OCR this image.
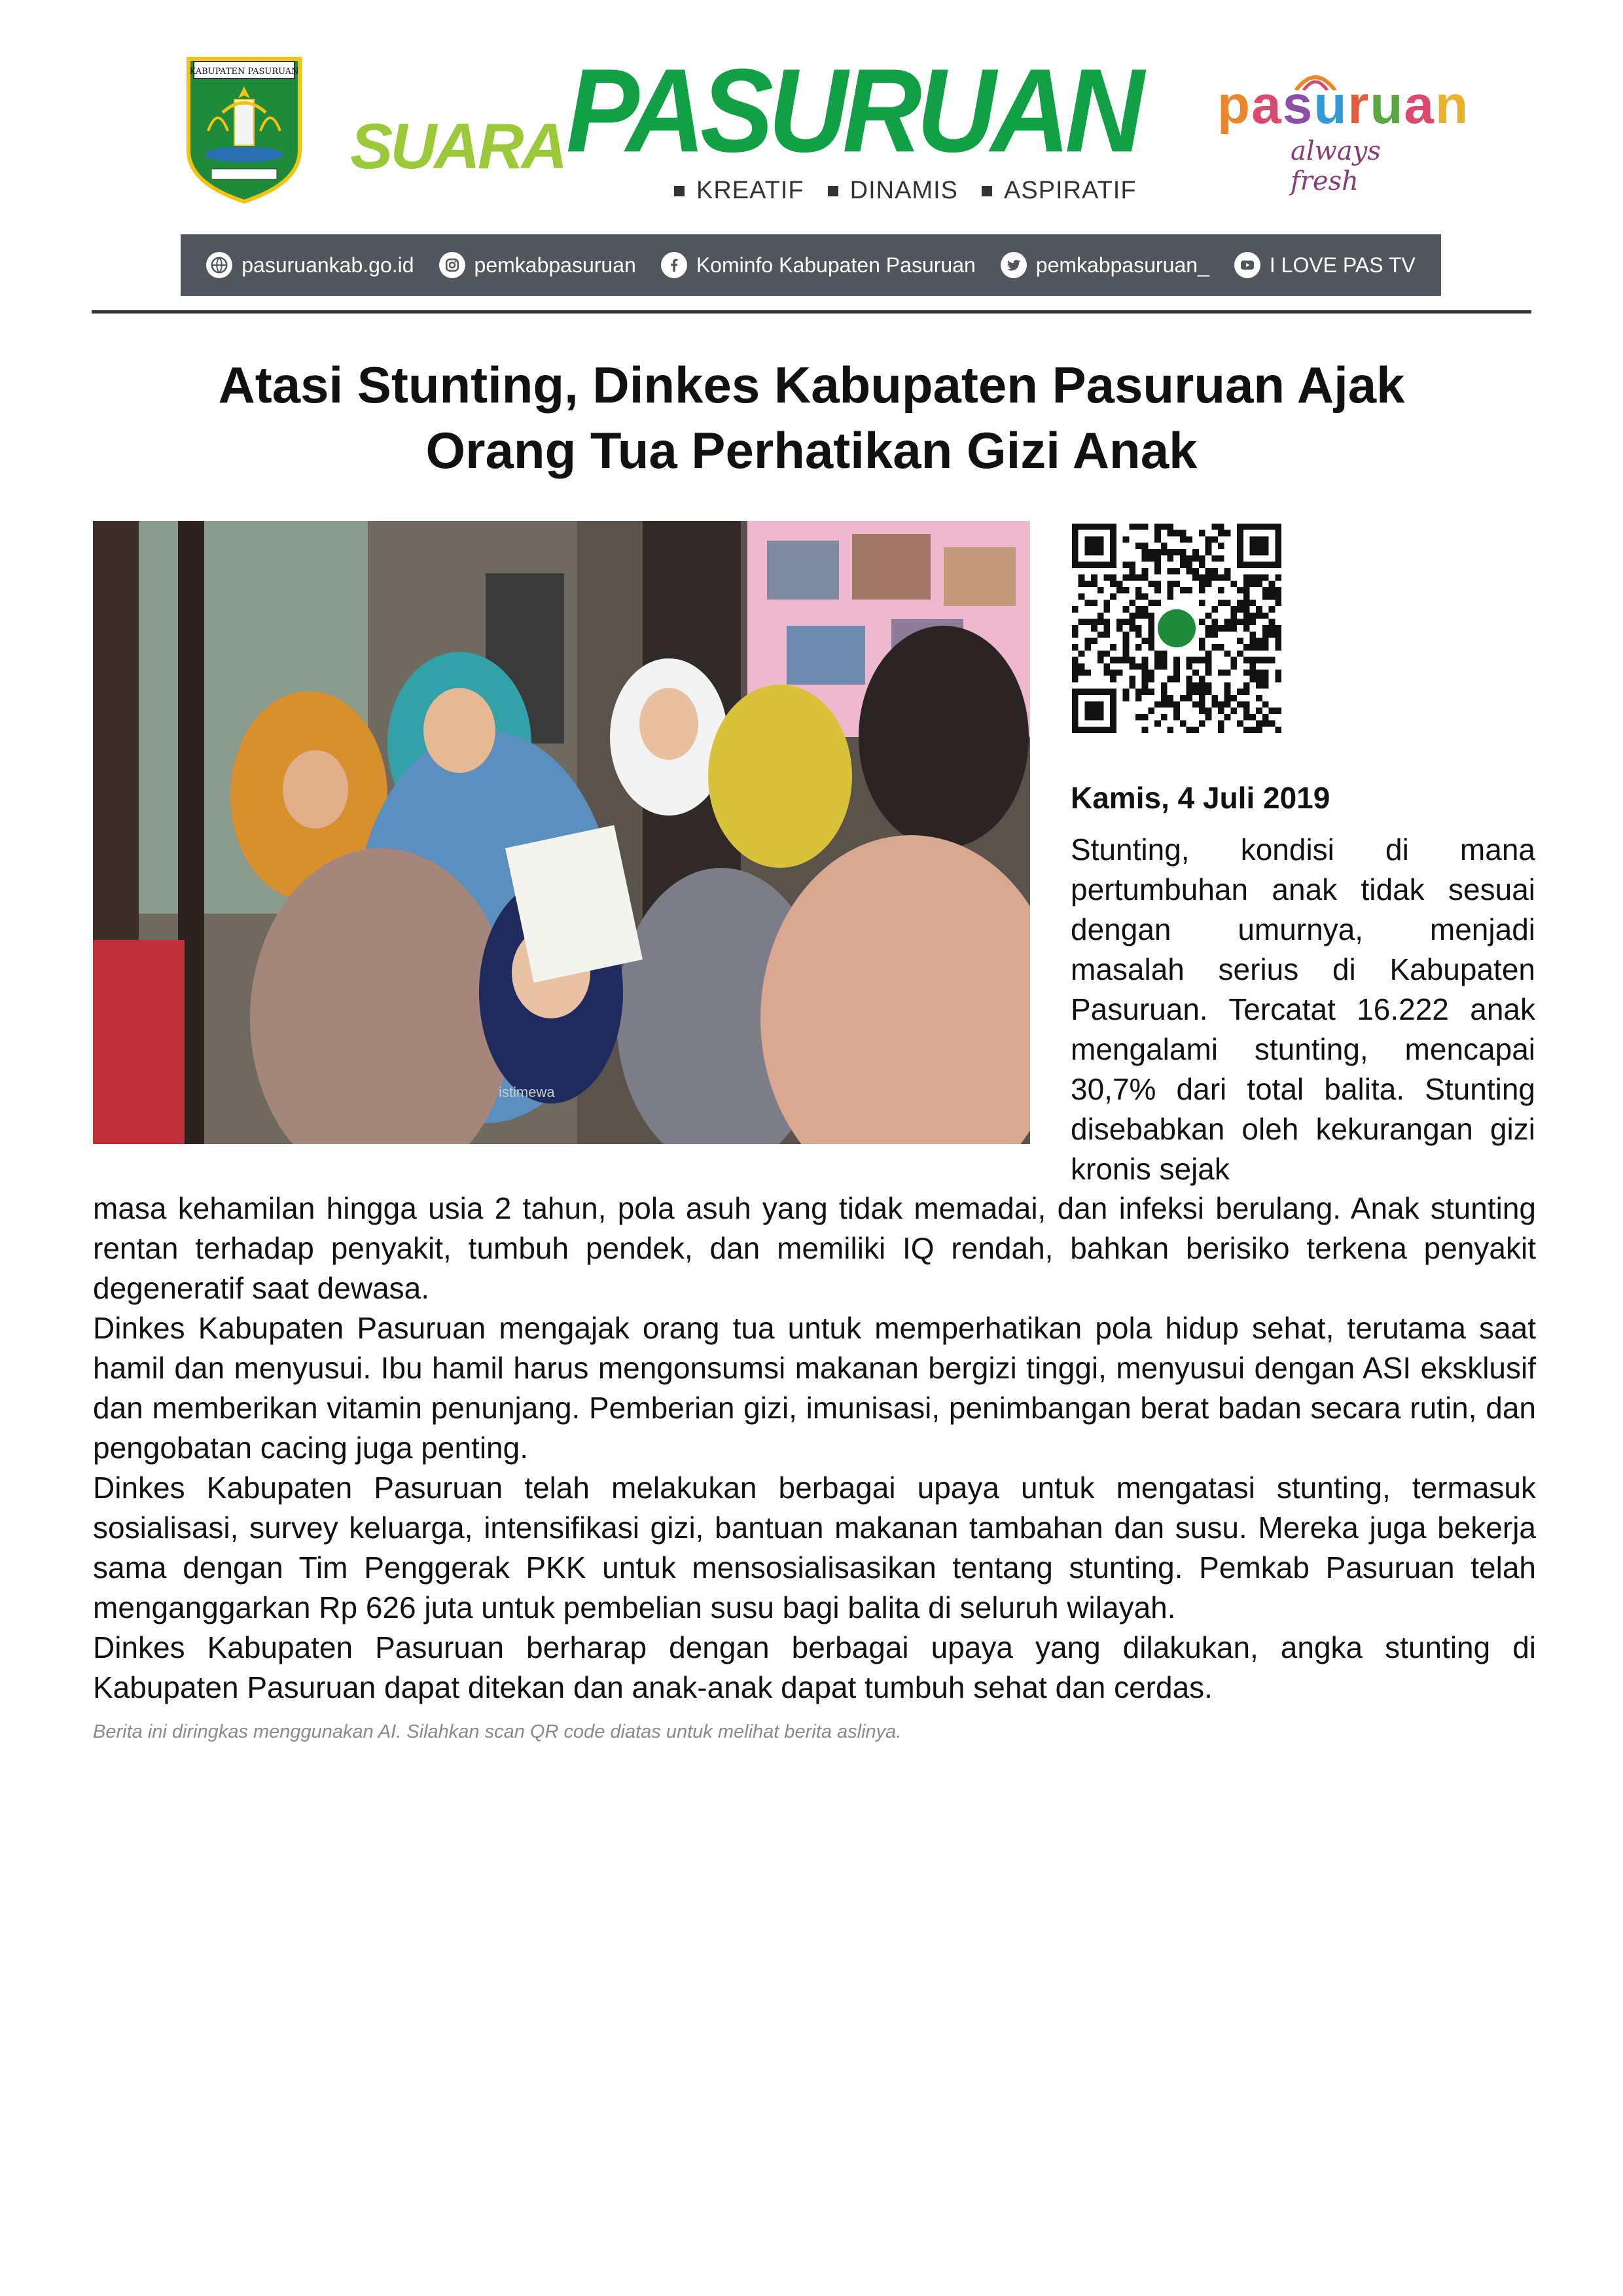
KABUPATEN PASURUAN
SUARA PASURUAN
KREATIF	DINAMIS	ASPIRATIF
pasuruan
always fresh
pasuruankab.go.id	pemkabpasuruan	Kominfo Kabupaten Pasuruan	pemkabpasuruan_	I LOVE PAS TV
Atasi Stunting, Dinkes Kabupaten Pasuruan Ajak
Orang Tua Perhatikan Gizi Anak
istimewa
Kamis, 4 Juli 2019
Stunting, kondisi di mana pertumbuhan anak tidak sesuai dengan umurnya, menjadi masalah serius di Kabupaten Pasuruan. Tercatat 16.222 anak mengalami stunting, mencapai 30,7% dari total balita. Stunting disebabkan oleh kekurangan gizi kronis sejak

masa kehamilan hingga usia 2 tahun, pola asuh yang tidak memadai, dan infeksi berulang. Anak stunting rentan terhadap penyakit, tumbuh pendek, dan memiliki IQ rendah, bahkan berisiko terkena penyakit degeneratif saat dewasa.

Dinkes Kabupaten Pasuruan mengajak orang tua untuk memperhatikan pola hidup sehat, terutama saat hamil dan menyusui. Ibu hamil harus mengonsumsi makanan bergizi tinggi, menyusui dengan ASI eksklusif dan memberikan vitamin penunjang. Pemberian gizi, imunisasi, penimbangan berat badan secara rutin, dan pengobatan cacing juga penting.

Dinkes Kabupaten Pasuruan telah melakukan berbagai upaya untuk mengatasi stunting, termasuk sosialisasi, survey keluarga, intensifikasi gizi, bantuan makanan tambahan dan susu. Mereka juga bekerja sama dengan Tim Penggerak PKK untuk mensosialisasikan tentang stunting. Pemkab Pasuruan telah menganggarkan Rp 626 juta untuk pembelian susu bagi balita di seluruh wilayah.

Dinkes Kabupaten Pasuruan berharap dengan berbagai upaya yang dilakukan, angka stunting di Kabupaten Pasuruan dapat ditekan dan anak-anak dapat tumbuh sehat dan cerdas.

Berita ini diringkas menggunakan AI. Silahkan scan QR code diatas untuk melihat berita aslinya.
